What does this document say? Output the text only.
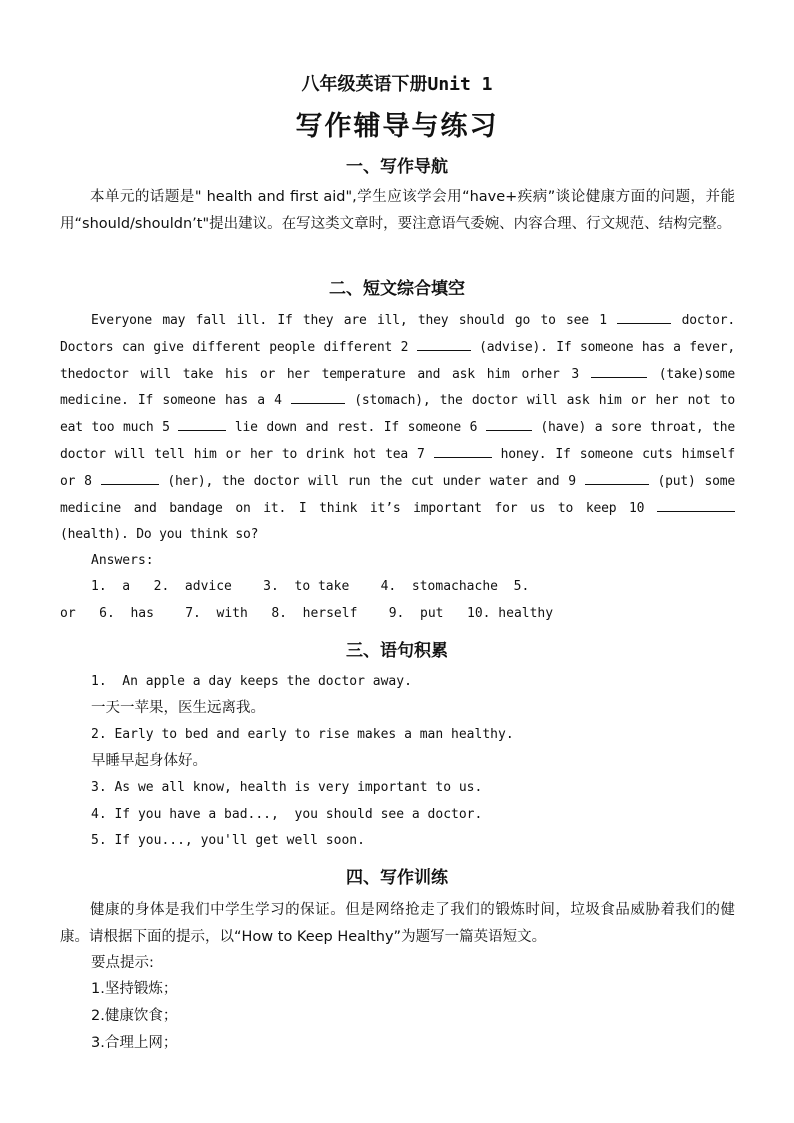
八年级英语下册Unit 1
写作辅导与练习
一、写作导航
本单元的话题是" health and first aid",学生应该学会用“have+疾病”谈论健康方面的问题，并能用“should/shouldn’t"提出建议。在写这类文章时，要注意语气委婉、内容合理、行文规范、结构完整。
二、短文综合填空
Everyone may fall ill. If they are ill, they should go to see 1	doctor. Doctors can give different people different 2	(advise). If someone has a fever, thedoctor will take his or her temperature and ask him orher 3	(take)some medicine. If someone has a 4	(stomach), the doctor will ask him or her not to eat too much 5	lie down and rest. If someone 6	(have) a sore throat, the doctor will tell him or her to drink hot tea 7	honey. If someone cuts himself or 8	(her), the doctor will run the cut under water and 9	(put) some medicine and bandage on it. I think it’s important for us to keep 10  (health). Do you think so?
Answers:
1.  a   2.  advice    3.  to take    4.  stomachache  5.
or   6.  has    7.  with   8.  herself    9.  put   10. healthy
三、语句积累
1.  An apple a day keeps the doctor away.
一天一苹果，医生远离我。
2. Early to bed and early to rise makes a man healthy.
早睡早起身体好。
3. As we all know, health is very important to us.
4. If you have a bad...,  you should see a doctor.
5. If you..., you'll get well soon.
四、写作训练
健康的身体是我们中学生学习的保证。但是网络抢走了我们的锻炼时间，垃圾食品威胁着我们的健康。请根据下面的提示，以“How to Keep Healthy”为题写一篇英语短文。
要点提示:
1.坚持锻炼；
2.健康饮食；
3.合理上网；
